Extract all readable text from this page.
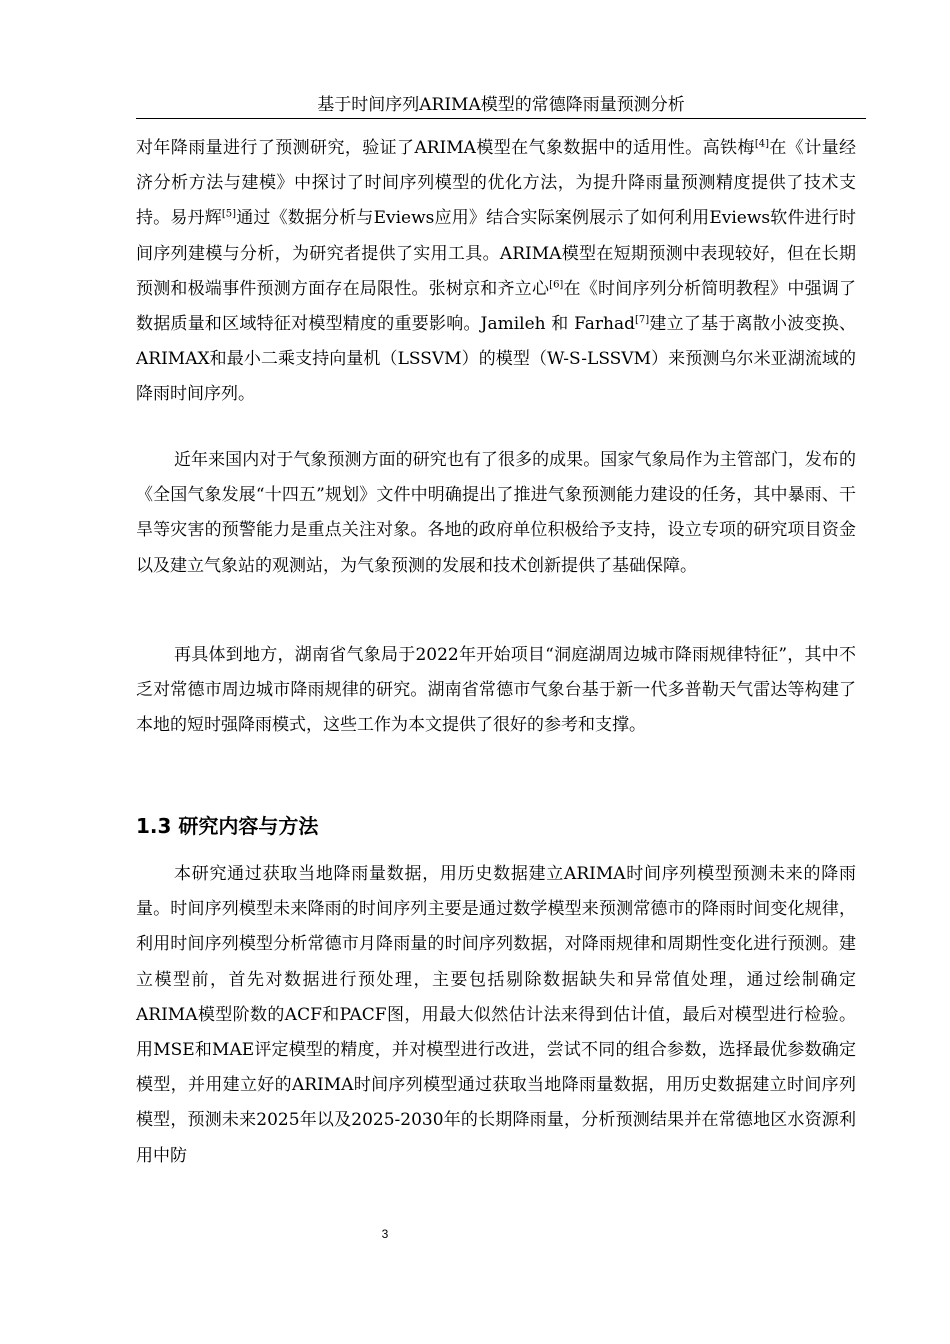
基于时间序列ARIMA模型的常德降雨量预测分析

对年降雨量进行了预测研究，验证了ARIMA模型在气象数据中的适用性。高铁梅[4]在《计量经济分析方法与建模》中探讨了时间序列模型的优化方法，为提升降雨量预测精度提供了技术支持。易丹辉[5]通过《数据分析与Eviews应用》结合实际案例展示了如何利用Eviews软件进行时间序列建模与分析，为研究者提供了实用工具。ARIMA模型在短期预测中表现较好，但在长期预测和极端事件预测方面存在局限性。张树京和齐立心[6]在《时间序列分析简明教程》中强调了数据质量和区域特征对模型精度的重要影响。Jamileh 和 Farhad[7]建立了基于离散小波变换、ARIMAX和最小二乘支持向量机（LSSVM）的模型（W-S-LSSVM）来预测乌尔米亚湖流域的降雨时间序列。

近年来国内对于气象预测方面的研究也有了很多的成果。国家气象局作为主管部门，发布的《全国气象发展“十四五”规划》文件中明确提出了推进气象预测能力建设的任务，其中暴雨、干旱等灾害的预警能力是重点关注对象。各地的政府单位积极给予支持，设立专项的研究项目资金以及建立气象站的观测站，为气象预测的发展和技术创新提供了基础保障。

再具体到地方，湖南省气象局于2022年开始项目“洞庭湖周边城市降雨规律特征”，其中不乏对常德市周边城市降雨规律的研究。湖南省常德市气象台基于新一代多普勒天气雷达等构建了本地的短时强降雨模式，这些工作为本文提供了很好的参考和支撑。

1.3 研究内容与方法

本研究通过获取当地降雨量数据，用历史数据建立ARIMA时间序列模型预测未来的降雨量。时间序列模型未来降雨的时间序列主要是通过数学模型来预测常德市的降雨时间变化规律，利用时间序列模型分析常德市月降雨量的时间序列数据，对降雨规律和周期性变化进行预测。建立模型前，首先对数据进行预处理，主要包括剔除数据缺失和异常值处理，通过绘制确定ARIMA模型阶数的ACF和PACF图，用最大似然估计法来得到估计值，最后对模型进行检验。用MSE和MAE评定模型的精度，并对模型进行改进，尝试不同的组合参数，选择最优参数确定模型，并用建立好的ARIMA时间序列模型通过获取当地降雨量数据，用历史数据建立时间序列模型，预测未来2025年以及2025-2030年的长期降雨量，分析预测结果并在常德地区水资源利用中防

3
